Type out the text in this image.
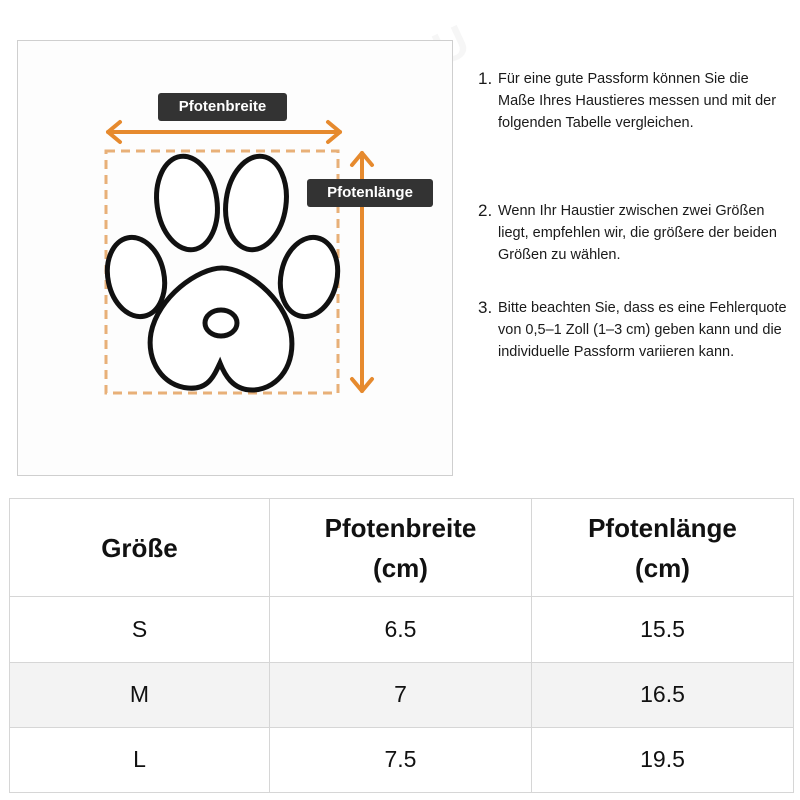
Pfotenbreite
Pfotenlänge
1. Für eine gute Passform können Sie die Maße Ihres Haustieres messen und mit der folgenden Tabelle vergleichen.
2. Wenn Ihr Haustier zwischen zwei Größen liegt, empfehlen wir, die größere der beiden Größen zu wählen.
3. Bitte beachten Sie, dass es eine Fehlerquote von 0,5–1 Zoll (1–3 cm) geben kann und die individuelle Passform variieren kann.
Größe	Pfotenbreite (cm)	Pfotenlänge (cm)
S	6.5	15.5
M	7	16.5
L	7.5	19.5
